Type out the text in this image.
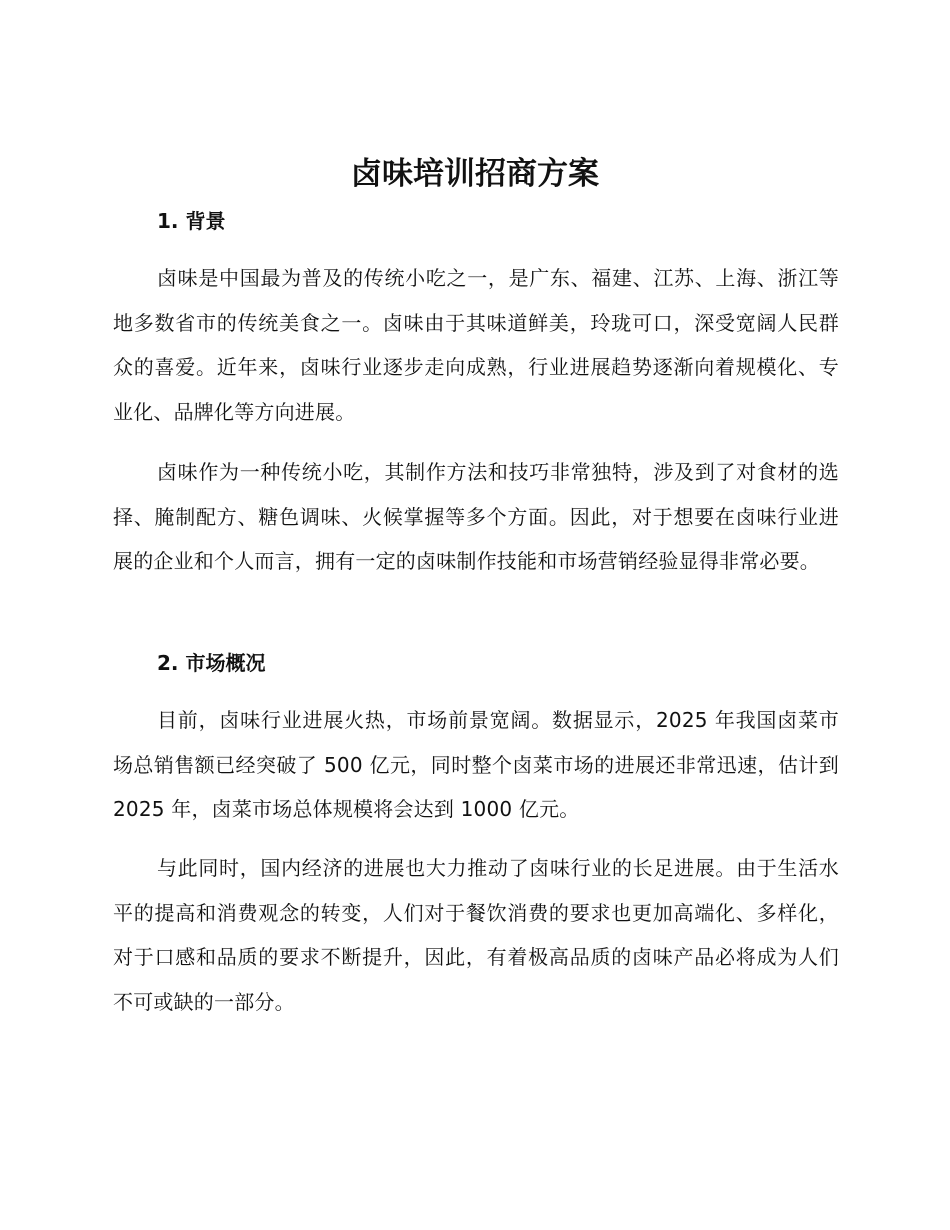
卤味培训招商方案
1. 背景

卤味是中国最为普及的传统小吃之一，是广东、福建、江苏、上海、浙江等地多数省市的传统美食之一。卤味由于其味道鲜美，玲珑可口，深受宽阔人民群众的喜爱。近年来，卤味行业逐步走向成熟，行业进展趋势逐渐向着规模化、专业化、品牌化等方向进展。

卤味作为一种传统小吃，其制作方法和技巧非常独特，涉及到了对食材的选择、腌制配方、糖色调味、火候掌握等多个方面。因此，对于想要在卤味行业进展的企业和个人而言，拥有一定的卤味制作技能和市场营销经验显得非常必要。

2. 市场概况

目前，卤味行业进展火热，市场前景宽阔。数据显示，2025 年我国卤菜市场总销售额已经突破了 500 亿元，同时整个卤菜市场的进展还非常迅速，估计到 2025 年，卤菜市场总体规模将会达到 1000 亿元。

与此同时，国内经济的进展也大力推动了卤味行业的长足进展。由于生活水平的提高和消费观念的转变，人们对于餐饮消费的要求也更加高端化、多样化，对于口感和品质的要求不断提升，因此，有着极高品质的卤味产品必将成为人们不可或缺的一部分。
